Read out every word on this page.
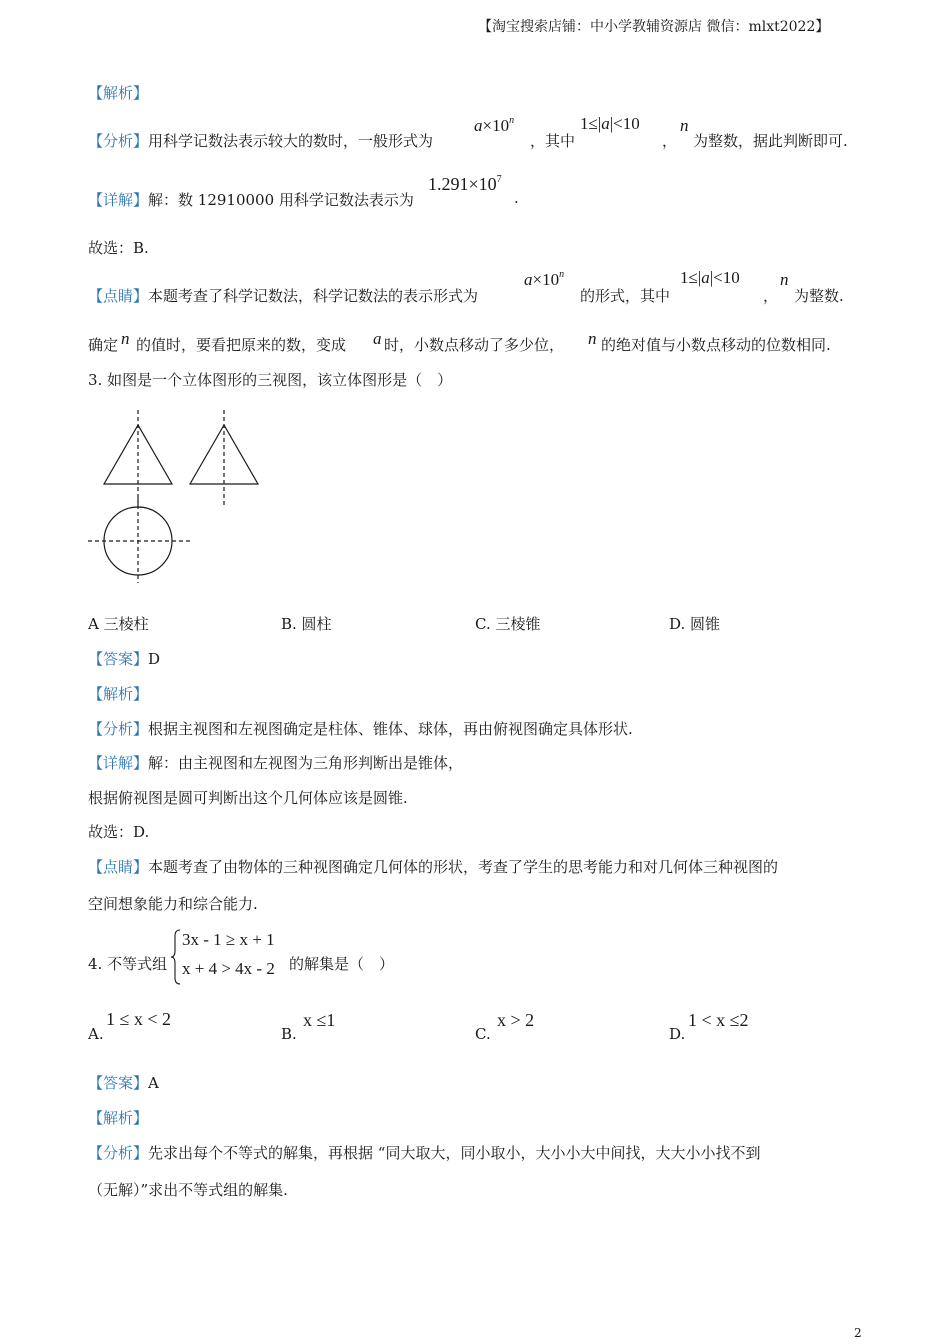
【淘宝搜索店铺：中小学教辅资源店 微信：mlxt2022】
【解析】
【分析】用科学记数法表示较大的数时，一般形式为
$a\times 10^n$
，其中
1≤|a|<10
，
n
为整数，据此判断即可.
【详解】解：数 12910000 用科学记数法表示为
$1.291\times 10^7$
.
故选：B.
【点睛】本题考查了科学记数法，科学记数法的表示形式为
$a\times 10^n$
的形式，其中
1≤|a|<10
，
n
为整数.
确定 n 的值时，要看把原来的数，变成 a 时，小数点移动了多少位， n 的绝对值与小数点移动的位数相同.
3. 如图是一个立体图形的三视图，该立体图形是（　）
A 三棱柱	B. 圆柱	C. 三棱锥	D. 圆锥
【答案】D
【解析】
【分析】根据主视图和左视图确定是柱体、锥体、球体，再由俯视图确定具体形状.
【详解】解：由主视图和左视图为三角形判断出是锥体，
根据俯视图是圆可判断出这个几何体应该是圆锥.
故选：D.
【点睛】本题考查了由物体的三种视图确定几何体的形状，考查了学生的思考能力和对几何体三种视图的
空间想象能力和综合能力.
4. 不等式组
3x - 1 ≥ x + 1
x + 4 > 4x - 2 的解集是（　）
A.
1 ≤ x < 2
B.
x ≤1
C.
x > 2
D.
1 < x ≤2
【答案】A
【解析】
【分析】先求出每个不等式的解集，再根据 “同大取大，同小取小，大小小大中间找，大大小小找不到
（无解）”求出不等式组的解集.
2
